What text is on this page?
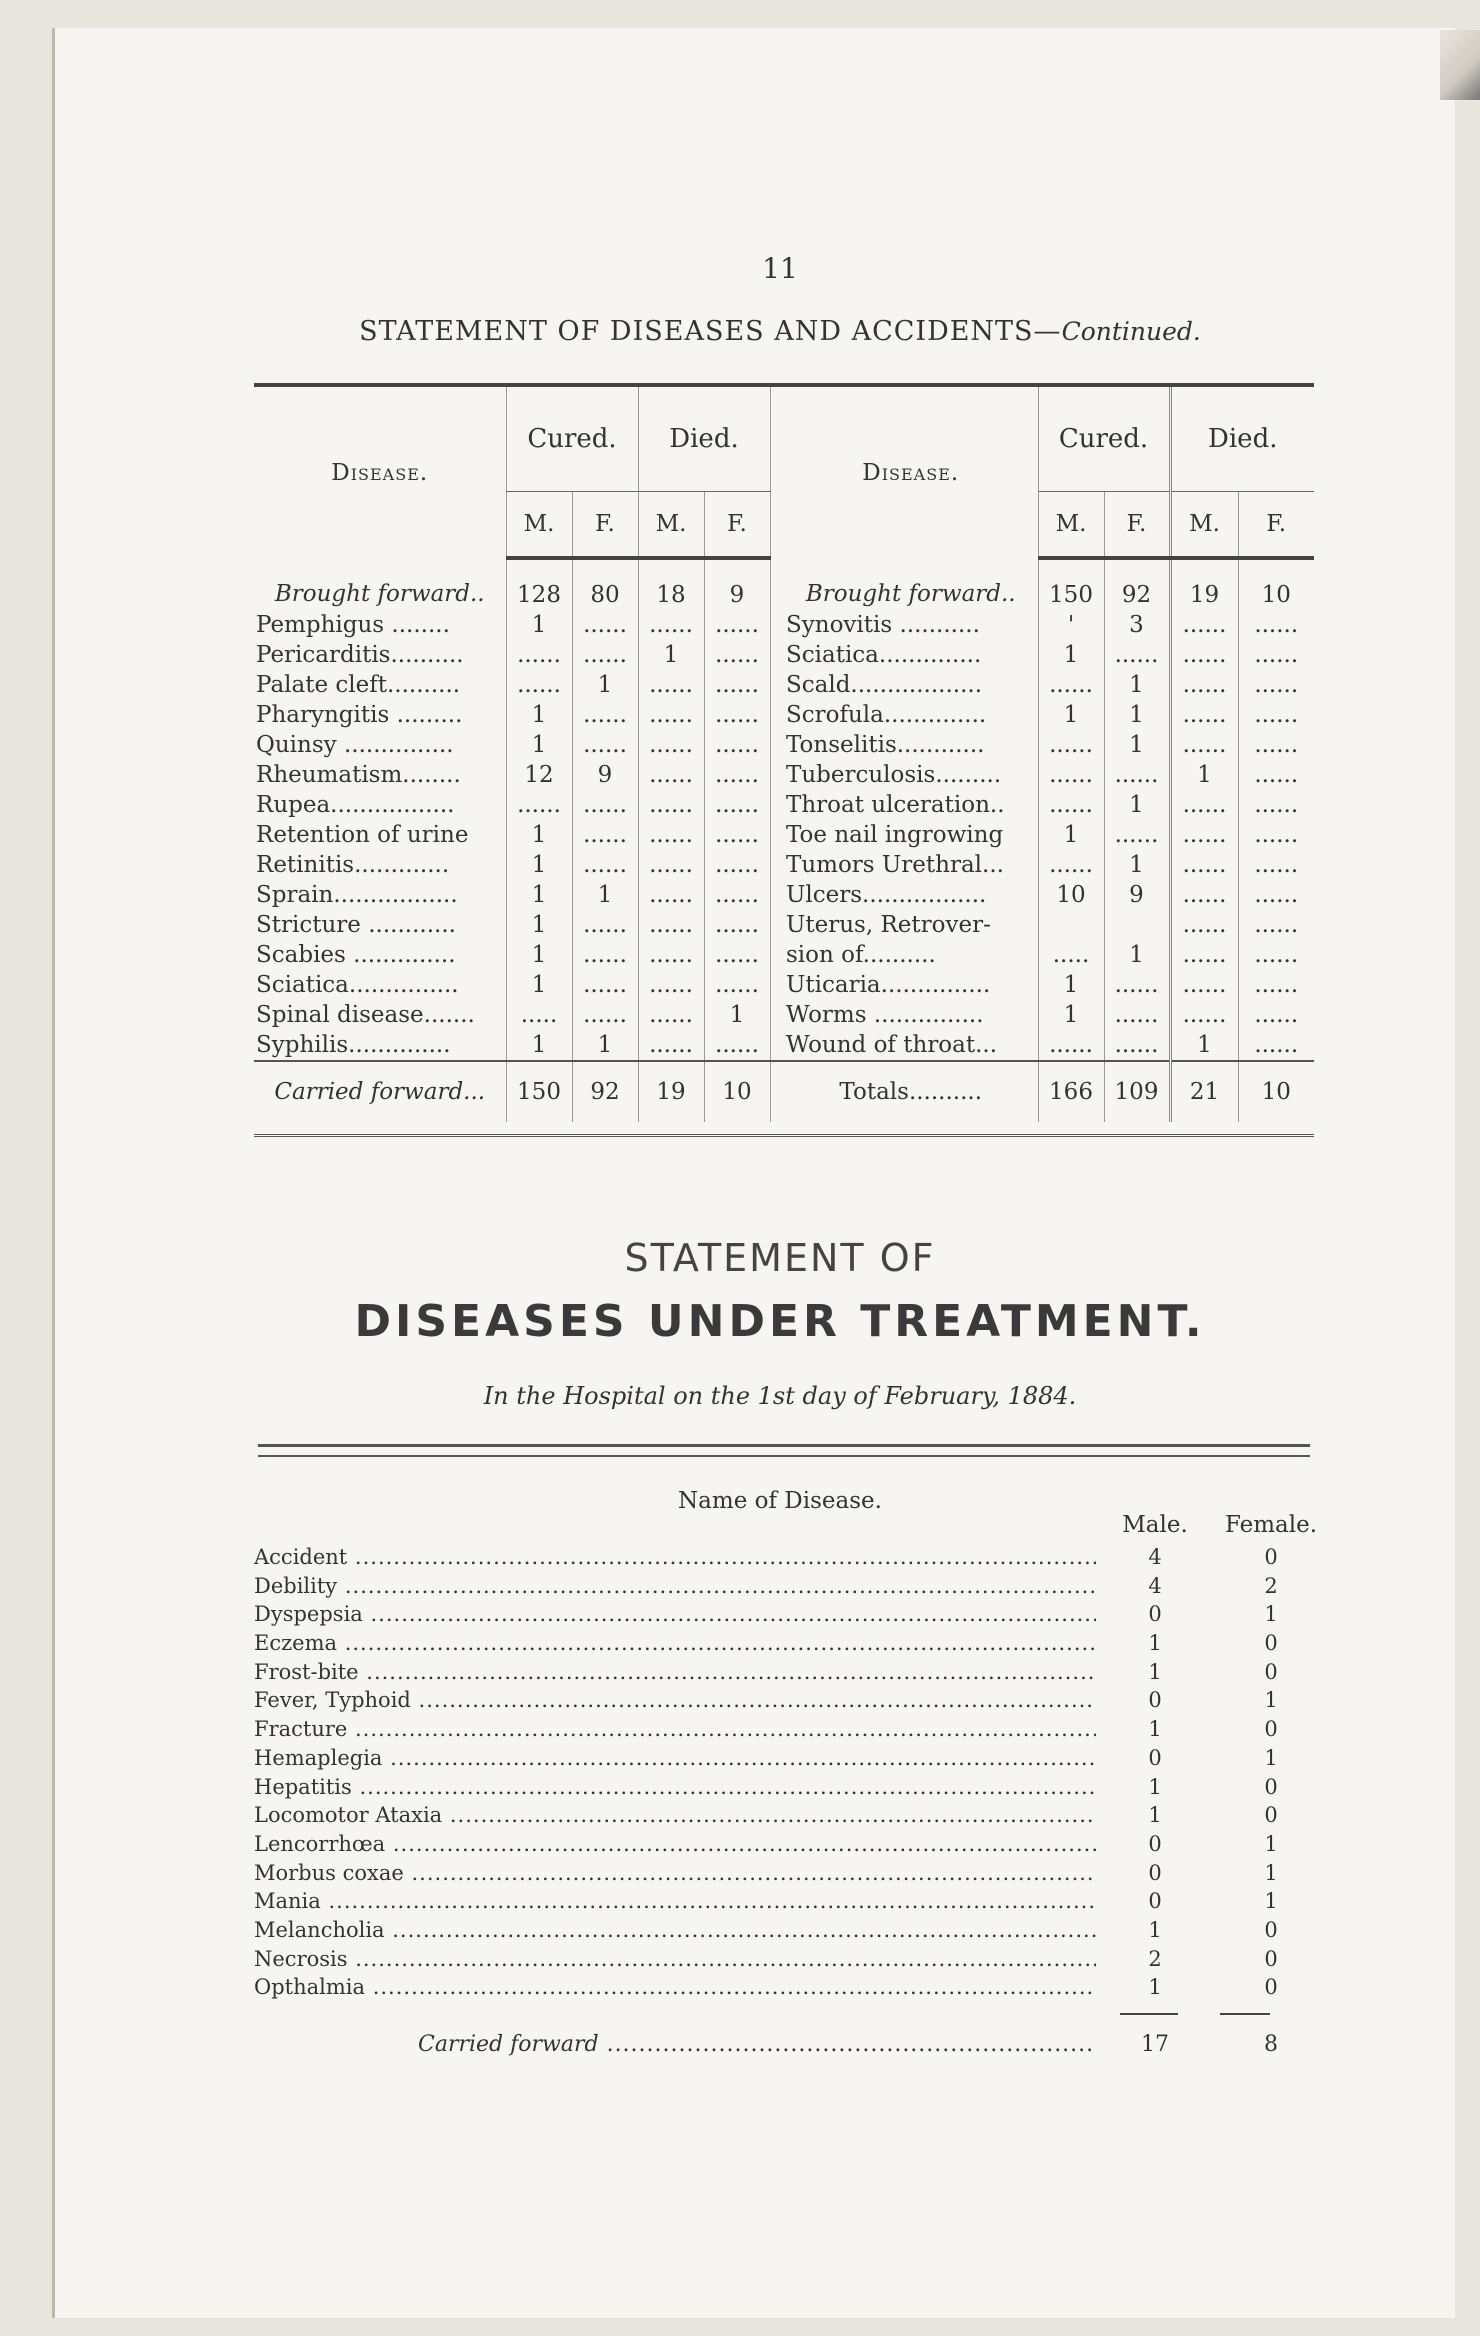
11
STATEMENT OF DISEASES AND ACCIDENTS—Continued.
Disease.	Cured.		Died.			Disease.	Cured.		Died.	
	M.	F.	M.	F.			M.	F.	M.	F.
Brought forward..	128	80	18	9		Brought forward..	150	92	19	10
Pemphigus ........	1	......	......	......		Synovitis ...........	'	3	......	......
Pericarditis..........	......	......	1	......		Sciatica..............	1	......	......	......
Palate cleft..........	......	1	......	......		Scald..................	......	1	......	......
Pharyngitis .........	1	......	......	......		Scrofula..............	1	1	......	......
Quinsy ...............	1	......	......	......		Tonselitis............	......	1	......	......
Rheumatism........	12	9	......	......		Tuberculosis.........	......	......	1	......
Rupea.................	......	......	......	......		Throat ulceration..	......	1	......	......
Retention of urine	1	......	......	......		Toe nail ingrowing	1	......	......	......
Retinitis.............	1	......	......	......		Tumors Urethral...	......	1	......	......
Sprain.................	1	1	......	......		Ulcers.................	10	9	......	......
Stricture ............	1	......	......	......		Uterus, Retrover-			......	......
Scabies ..............	1	......	......	......		sion of..........	.....	1	......	......
Sciatica...............	1	......	......	......		Uticaria...............	1	......	......	......
Spinal disease.......	.....	......	......	1		Worms ...............	1	......	......	......
Syphilis..............	1	1	......	......		Wound of throat...	......	......	1	......
Carried forward...	150	92	19	10		Totals..........	166	109	21	10

STATEMENT OF
DISEASES UNDER TREATMENT.
In the Hospital on the 1st day of February, 1884.
Name of Disease.
Male.	Female.
Accident .....	4	0
Debility .....	4	2
Dyspepsia .....	0	1
Eczema .....	1	0
Frost-bite .....	1	0
Fever, Typhoid .....	0	1
Fracture .....	1	0
Hemaplegia .....	0	1
Hepatitis .....	1	0
Locomotor Ataxia .....	1	0
Lencorrhœa .....	0	1
Morbus coxae .....	0	1
Mania .....	0	1
Melancholia .....	1	0
Necrosis .....	2	0
Opthalmia .....	1	0
Carried forward .....	17	8
